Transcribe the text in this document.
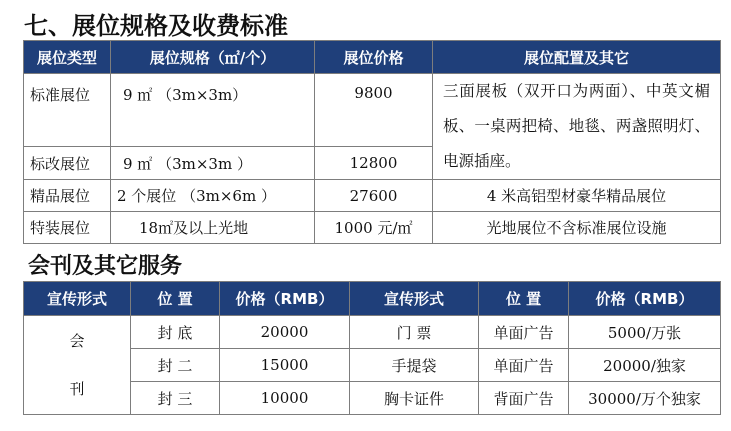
七、展位规格及收费标准
展位类型	展位规格（㎡/个）	展位价格	展位配置及其它
标准展位	9 ㎡ （3m×3m）	9800	三面展板（双开口为两面）、中英文楣板、一桌两把椅、地毯、两盏照明灯、电源插座。
标改展位	9 ㎡ （3m×3m ）	12800	
精品展位	2 个展位 （3m×6m ）	27600	4 米高铝型材豪华精品展位
特装展位	18㎡及以上光地	1000 元/㎡	光地展位不含标准展位设施
会刊及其它服务
宣传形式	位 置	价格（RMB）	宣传形式	位 置	价格（RMB）

会
刊	封 底	20000	门 票	单面广告	5000/万张
	封 二	15000	手提袋	单面广告	20000/独家
	封 三	10000	胸卡证件	背面广告	30000/万个独家
